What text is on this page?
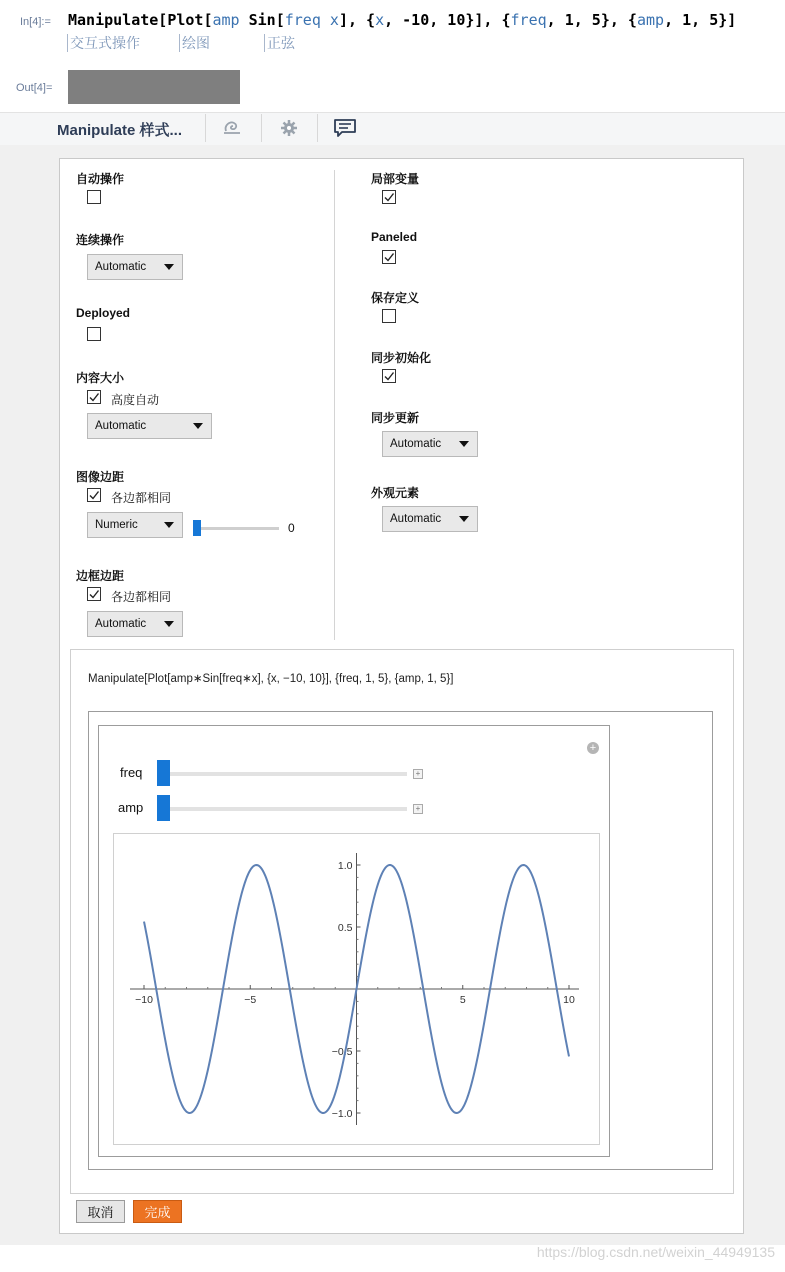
In[4]:= Manipulate[Plot[amp Sin[freq x], {x, -10, 10}], {freq, 1, 5}, {amp, 1, 5}]
交互式操作	绘图	正弦
Out[4]=
Manipulate 样式...
自动操作
连续操作
Automatic
Deployed
内容大小
高度自动
Automatic
图像边距
各边都相同
Numeric	0
边框边距
各边都相同
Automatic
局部变量
Paneled
保存定义
同步初始化
同步更新
Automatic
外观元素
Automatic
Manipulate[Plot[amp∗Sin[freq∗x], {x, −10, 10}], {freq, 1, 5}, {amp, 1, 5}]
+
freq	+
amp	+
−10	−5	5	10
−1.0
−0.5
0.5
1.0
取消	完成
https://blog.csdn.net/weixin_44949135
